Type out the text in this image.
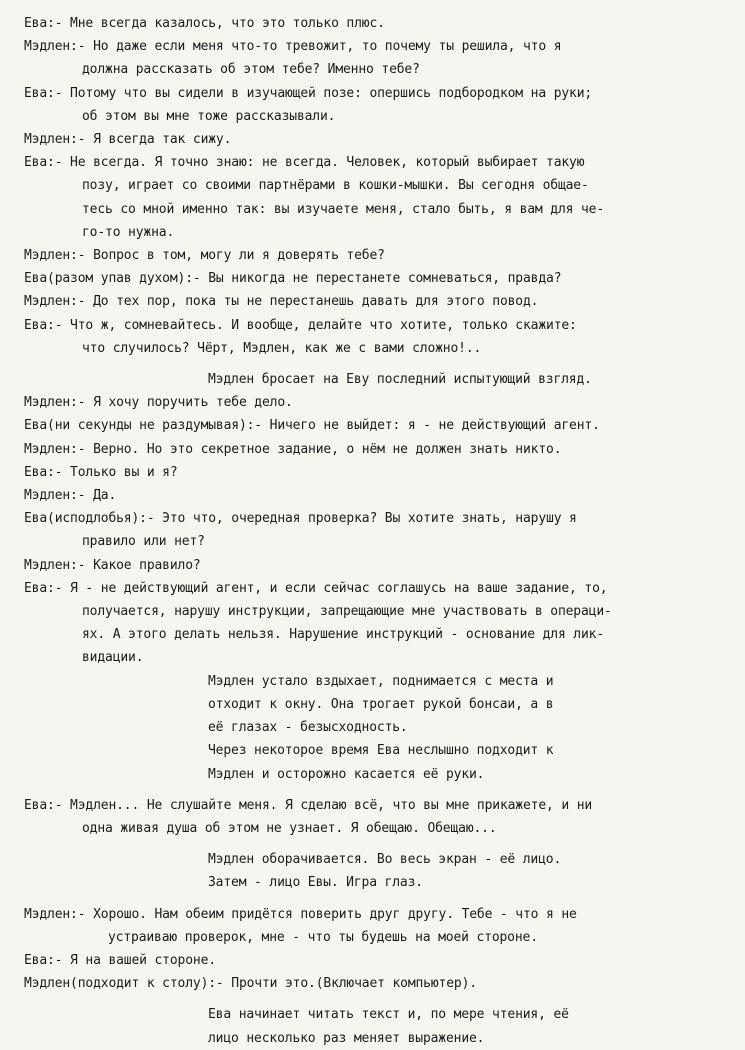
Ева:- Мне всегда казалось, что это только плюс.
Мэдлен:- Но даже если меня что-то тревожит, то почему ты решила, что я
должна рассказать об этом тебе? Именно тебе?
Ева:- Потому что вы сидели в изучающей позе: опершись подбородком на руки;
об этом вы мне тоже рассказывали.
Мэдлен:- Я всегда так сижу.
Ева:- Не всегда. Я точно знаю: не всегда. Человек, который выбирает такую
позу, играет со своими партнёрами в кошки-мышки. Вы сегодня общае-
тесь со мной именно так: вы изучаете меня, стало быть, я вам для че-
го-то нужна.
Мэдлен:- Вопрос в том, могу ли я доверять тебе?
Ева(разом упав духом):- Вы никогда не перестанете сомневаться, правда?
Мэдлен:- До тех пор, пока ты не перестанешь давать для этого повод.
Ева:- Что ж, сомневайтесь. И вообще, делайте что хотите, только скажите:
что случилось? Чёрт, Мэдлен, как же с вами сложно!..
Мэдлен бросает на Еву последний испытующий взгляд.
Мэдлен:- Я хочу поручить тебе дело.
Ева(ни секунды не раздумывая):- Ничего не выйдет: я - не действующий агент.
Мэдлен:- Верно. Но это секретное задание, о нём не должен знать никто.
Ева:- Только вы и я?
Мэдлен:- Да.
Ева(исподлобья):- Это что, очередная проверка? Вы хотите знать, нарушу я
правило или нет?
Мэдлен:- Какое правило?
Ева:- Я - не действующий агент, и если сейчас соглашусь на ваше задание, то,
получается, нарушу инструкции, запрещающие мне участвовать в операци-
ях. А этого делать нельзя. Нарушение инструкций - основание для лик-
видации.
Мэдлен устало вздыхает, поднимается с места и
отходит к окну. Она трогает рукой бонсаи, а в
её глазах - безысходность.
Через некоторое время Ева неслышно подходит к
Мэдлен и осторожно касается её руки.
Ева:- Мэдлен... Не слушайте меня. Я сделаю всё, что вы мне прикажете, и ни
одна живая душа об этом не узнает. Я обещаю. Обещаю...
Мэдлен оборачивается. Во весь экран - её лицо.
Затем - лицо Евы. Игра глаз.
Мэдлен:- Хорошо. Нам обеим придётся поверить друг другу. Тебе - что я не
устраиваю проверок, мне - что ты будешь на моей стороне.
Ева:- Я на вашей стороне.
Мэдлен(подходит к столу):- Прочти это.(Включает компьютер).
Ева начинает читать текст и, по мере чтения, её
лицо несколько раз меняет выражение.
